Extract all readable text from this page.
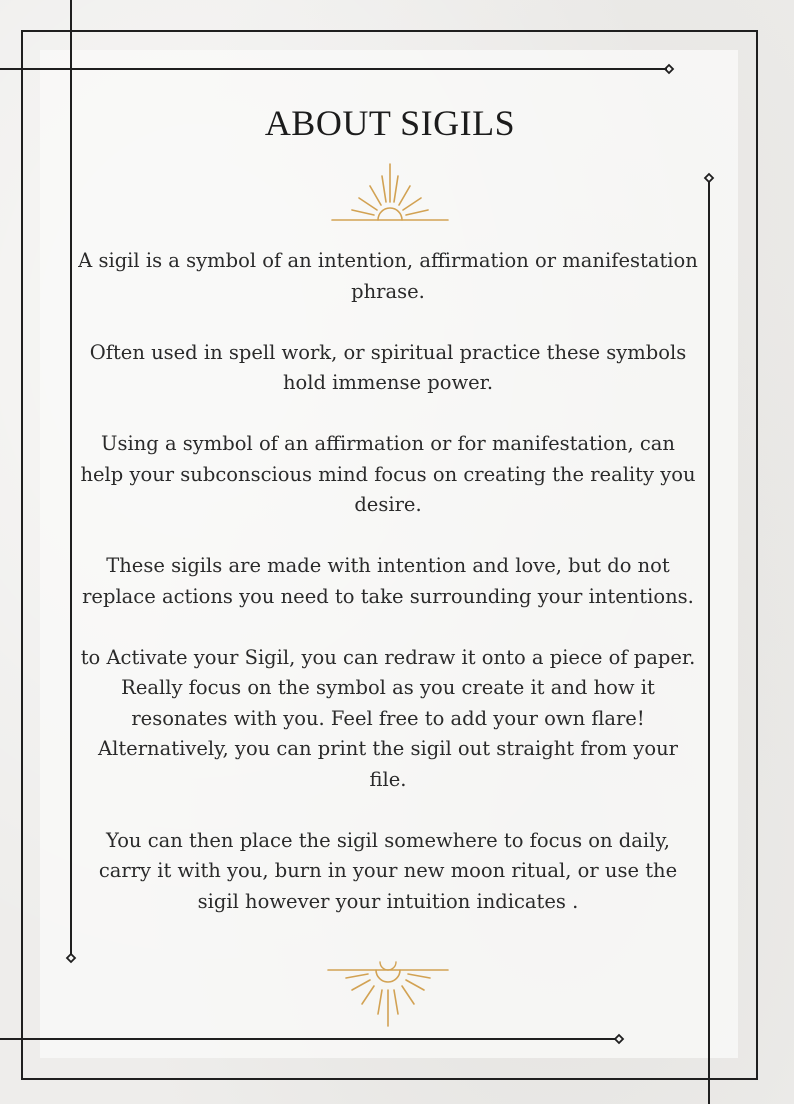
ABOUT SIGILS

A sigil is a symbol of an intention, affirmation or manifestation phrase.

Often used in spell work, or spiritual practice these symbols hold immense power.

Using a symbol of an affirmation or for manifestation, can help your subconscious mind focus on creating the reality you desire.

These sigils are made with intention and love, but do not replace actions you need to take surrounding your intentions.

to Activate your Sigil, you can redraw it onto a piece of paper. Really focus on the symbol as you create it and how it resonates with you. Feel free to add your own flare! Alternatively, you can print the sigil out straight from your file.

You can then place the sigil somewhere to focus on daily, carry it with you, burn in your new moon ritual, or use the sigil however your intuition indicates .
